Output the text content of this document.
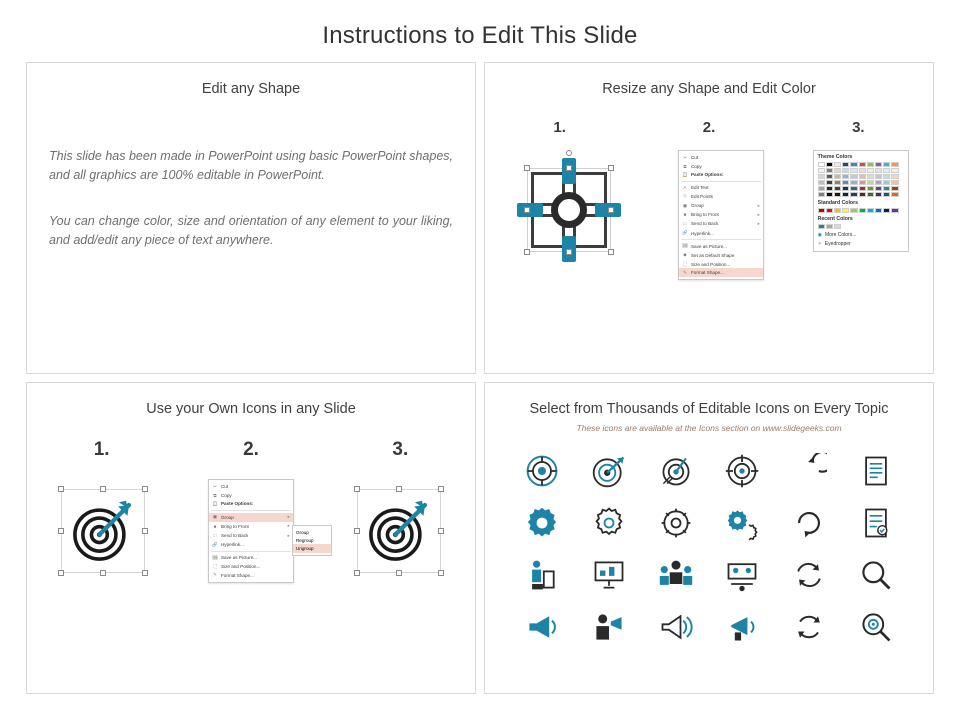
Instructions to Edit This Slide
Edit any Shape
This slide has been made in PowerPoint using basic PowerPoint shapes, and all graphics are 100% editable in PowerPoint.
You can change color, size and orientation of any element to your liking, and add/edit any piece of text anywhere.
Resize any Shape and Edit Color
1.	2.	3.
✂ Cut
⧉ Copy
📋 Paste Options:
A Edit Text
◇ Edit Points
▣ Group	▸
■	Bring to Front	▸
□	Send to Back	▸
🔗 Hyperlink...
🖼 Save as Picture...
◆ Set as Default Shape
⛶ Size and Position...
✎ Format Shape...
Theme Colors
Standard Colors
Recent Colors
◉ More Colors...
✧ Eyedropper
Use your Own Icons in any Slide
1.	2.	3.
✂ Cut
⧉ Copy
📋 Paste Options:
▣ Group	▸
■	Bring to Front	▸
□	Send to Back	▸
🔗 Hyperlink...
🖼 Save as Picture...
⛶ Size and Position...
✎ Format Shape...
Group
Regroup
Ungroup
Select from Thousands of Editable Icons on Every Topic
These icons are available at the Icons section on www.slidegeeks.com
